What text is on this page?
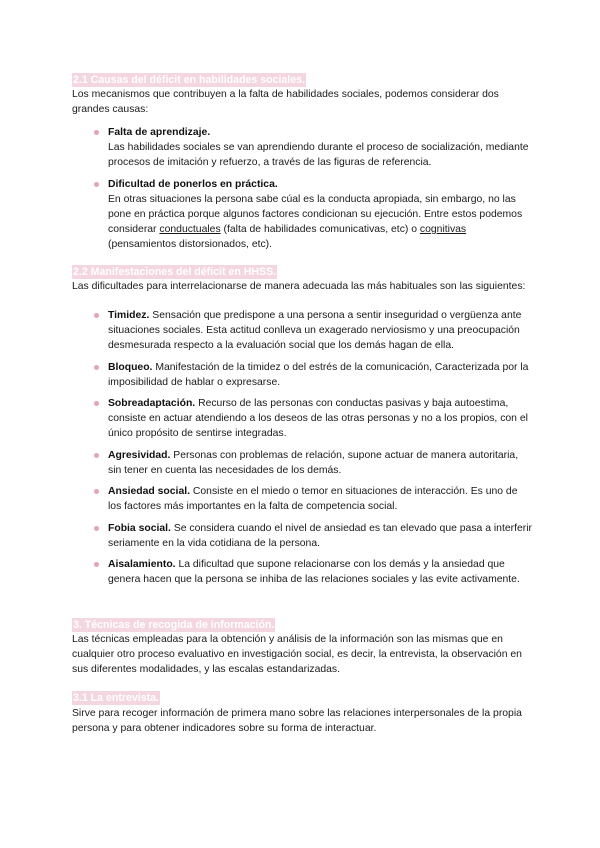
2.1 Causas del déficit en habilidades sociales.

Los mecanismos que contribuyen a la falta de habilidades sociales, podemos considerar dos grandes causas:

Falta de aprendizaje.
Las habilidades sociales se van aprendiendo durante el proceso de socialización, mediante procesos de imitación y refuerzo, a través de las figuras de referencia.
Dificultad de ponerlos en práctica.
En otras situaciones la persona sabe cúal es la conducta apropiada, sin embargo, no las pone en práctica porque algunos factores condicionan su ejecución. Entre estos podemos considerar conductuales (falta de habilidades comunicativas, etc) o cognitivas (pensamientos distorsionados, etc).
2.2 Manifestaciones del déficit en HHSS.

Las dificultades para interrelacionarse de manera adecuada las más habituales son las siguientes:

Timidez. Sensación que predispone a una persona a sentir inseguridad o vergüenza ante situaciones sociales. Esta actitud conlleva un exagerado nerviosismo y una preocupación desmesurada respecto a la evaluación social que los demás hagan de ella.
Bloqueo. Manifestación de la timidez o del estrés de la comunicación, Caracterizada por la imposibilidad de hablar o expresarse.
Sobreadaptación. Recurso de las personas con conductas pasivas y baja autoestima, consiste en actuar atendiendo a los deseos de las otras personas y no a los propios, con el único propósito de sentirse integradas.
Agresividad. Personas con problemas de relación, supone actuar de manera autoritaria, sin tener en cuenta las necesidades de los demás.
Ansiedad social. Consiste en el miedo o temor en situaciones de interacción. Es uno de los factores más importantes en la falta de competencia social.
Fobia social. Se considera cuando el nivel de ansiedad es tan elevado que pasa a interferir seriamente en la vida cotidiana de la persona.
Aisalamiento. La dificultad que supone relacionarse con los demás y la ansiedad que genera hacen que la persona se inhiba de las relaciones sociales y las evite activamente.
3. Técnicas de recogida de información.

Las técnicas empleadas para la obtención y análisis de la información son las mismas que en cualquier otro proceso evaluativo en investigación social, es decir, la entrevista, la observación en sus diferentes modalidades, y las escalas estandarizadas.

3.1 La entrevista.

Sirve para recoger información de primera mano sobre las relaciones interpersonales de la propia persona y para obtener indicadores sobre su forma de interactuar.
